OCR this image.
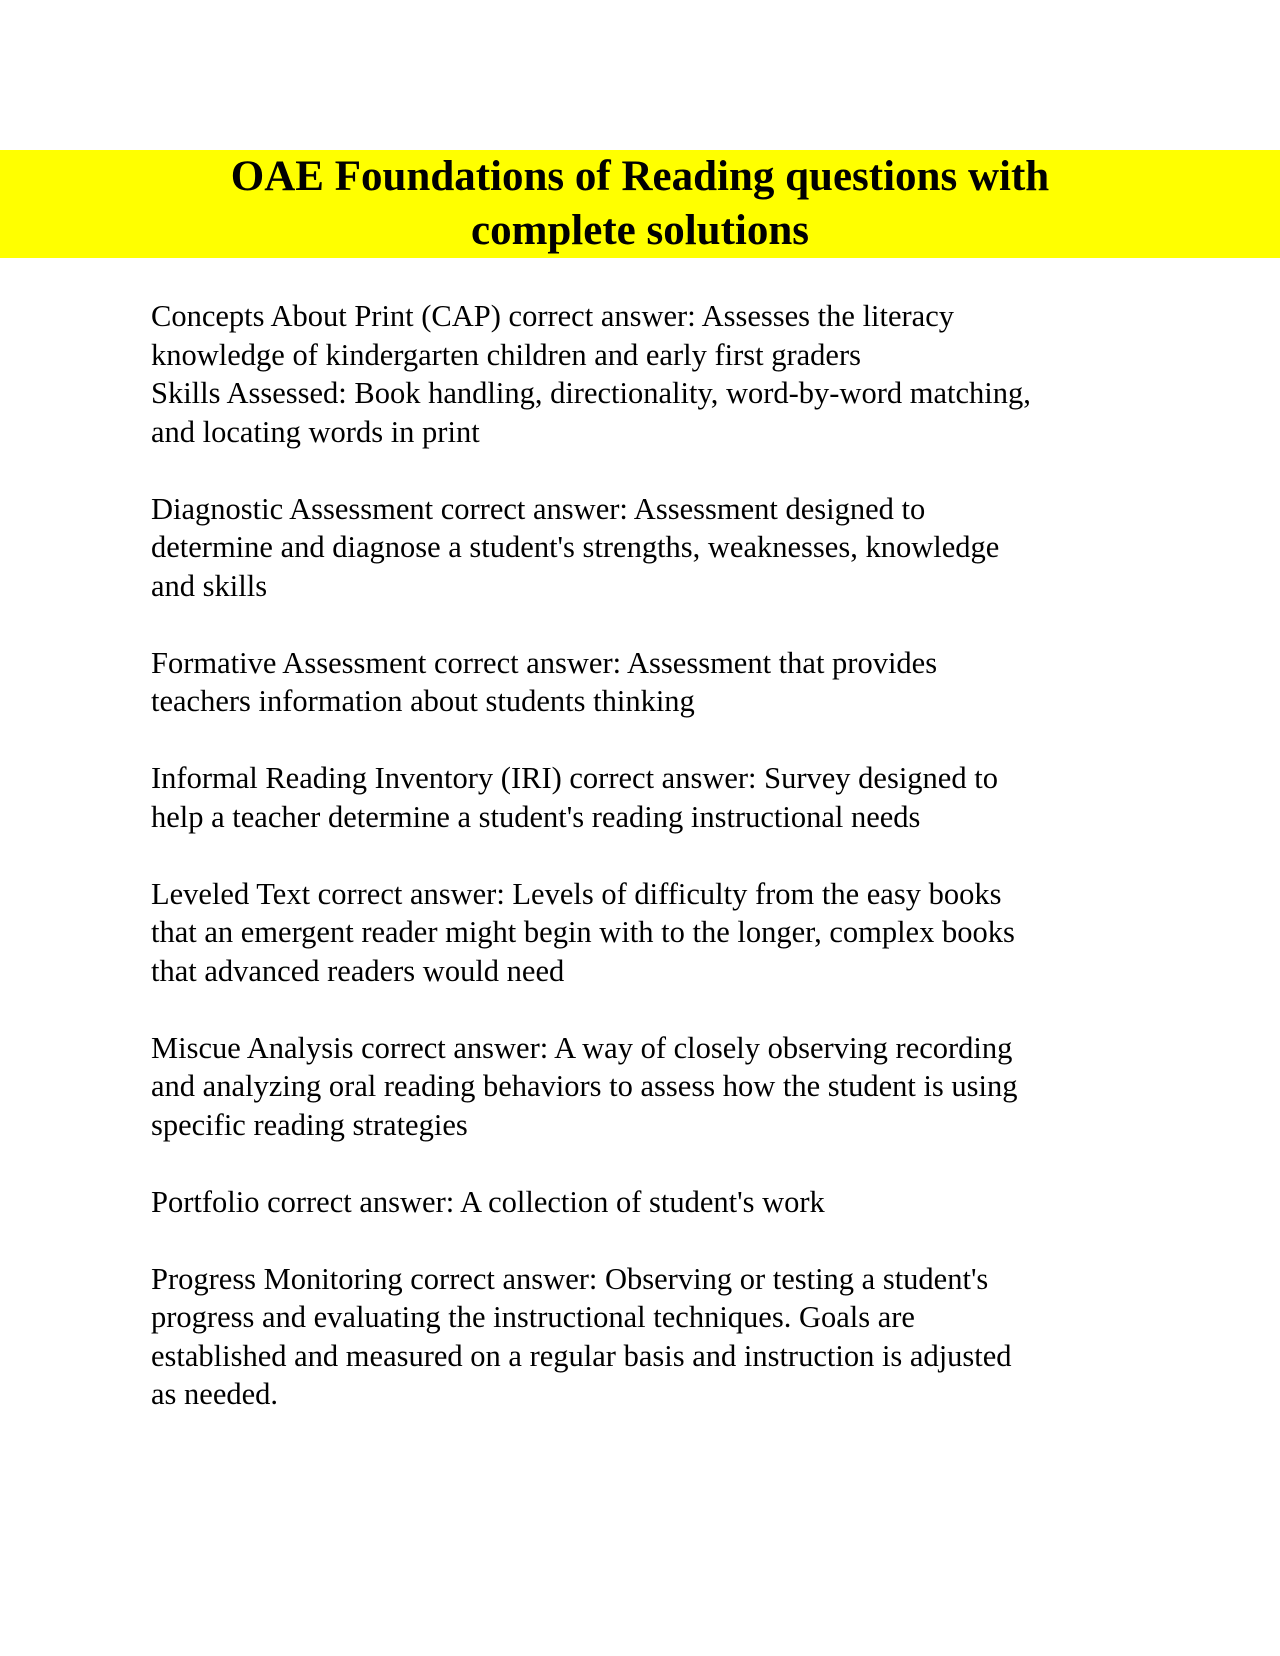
OAE Foundations of Reading questions with
complete solutions
Concepts About Print (CAP) correct answer: Assesses the literacy
knowledge of kindergarten children and early first graders
Skills Assessed: Book handling, directionality, word-by-word matching,
and locating words in print
Diagnostic Assessment correct answer: Assessment designed to
determine and diagnose a student's strengths, weaknesses, knowledge
and skills
Formative Assessment correct answer: Assessment that provides
teachers information about students thinking
Informal Reading Inventory (IRI) correct answer: Survey designed to
help a teacher determine a student's reading instructional needs
Leveled Text correct answer: Levels of difficulty from the easy books
that an emergent reader might begin with to the longer, complex books
that advanced readers would need
Miscue Analysis correct answer: A way of closely observing recording
and analyzing oral reading behaviors to assess how the student is using
specific reading strategies
Portfolio correct answer: A collection of student's work
Progress Monitoring correct answer: Observing or testing a student's
progress and evaluating the instructional techniques. Goals are
established and measured on a regular basis and instruction is adjusted
as needed.
